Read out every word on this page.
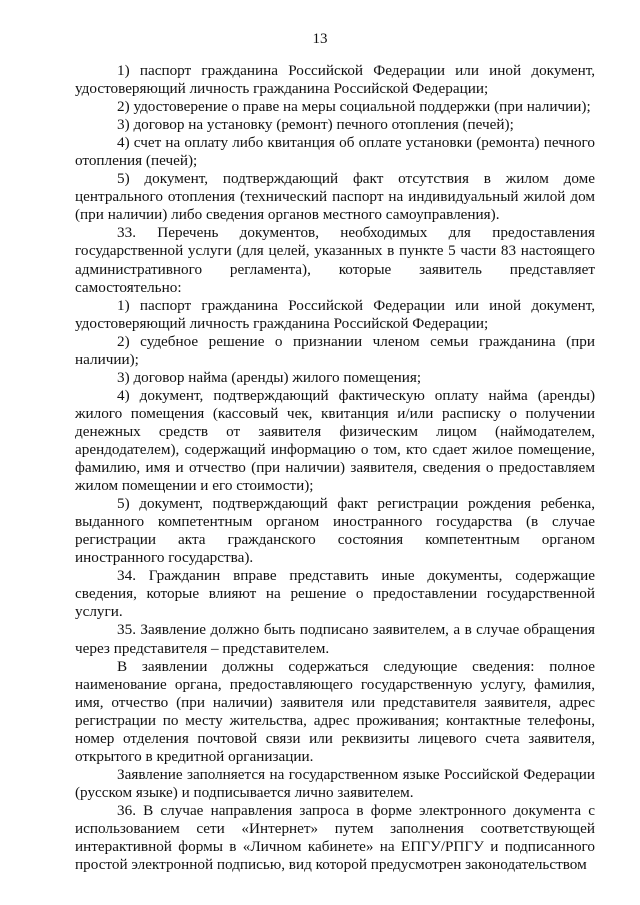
13

1) паспорт гражданина Российской Федерации или иной документ, удостоверяющий личность гражданина Российской Федерации;

2) удостоверение о праве на меры социальной поддержки (при наличии);

3) договор на установку (ремонт) печного отопления (печей);

4) счет на оплату либо квитанция об оплате установки (ремонта) печного отопления (печей);

5) документ, подтверждающий факт отсутствия в жилом доме центрального отопления (технический паспорт на индивидуальный жилой дом (при наличии) либо сведения органов местного самоуправления).

33. Перечень документов, необходимых для предоставления государственной услуги (для целей, указанных в пункте 5 части 83 настоящего административного регламента), которые заявитель представляет самостоятельно:

1) паспорт гражданина Российской Федерации или иной документ, удостоверяющий личность гражданина Российской Федерации;

2) судебное решение о признании членом семьи гражданина (при наличии);

3) договор найма (аренды) жилого помещения;

4) документ, подтверждающий фактическую оплату найма (аренды) жилого помещения (кассовый чек, квитанция и/или расписку о получении денежных средств от заявителя физическим лицом (наймодателем, арендодателем), содержащий информацию о том, кто сдает жилое помещение, фамилию, имя и отчество (при наличии) заявителя, сведения о предоставляем жилом помещении и его стоимости);

5) документ, подтверждающий факт регистрации рождения ребенка, выданного компетентным органом иностранного государства (в случае регистрации акта гражданского состояния компетентным органом иностранного государства).

34. Гражданин вправе представить иные документы, содержащие сведения, которые влияют на решение о предоставлении государственной услуги.

35. Заявление должно быть подписано заявителем, а в случае обращения через представителя – представителем.

В заявлении должны содержаться следующие сведения: полное наименование органа, предоставляющего государственную услугу, фамилия, имя, отчество (при наличии) заявителя или представителя заявителя, адрес регистрации по месту жительства, адрес проживания; контактные телефоны, номер отделения почтовой связи или реквизиты лицевого счета заявителя, открытого в кредитной организации.

Заявление заполняется на государственном языке Российской Федерации (русском языке) и подписывается лично заявителем.

36. В случае направления запроса в форме электронного документа с использованием сети «Интернет» путем заполнения соответствующей интерактивной формы в «Личном кабинете» на ЕПГУ/РПГУ и подписанного простой электронной подписью, вид которой предусмотрен законодательством
